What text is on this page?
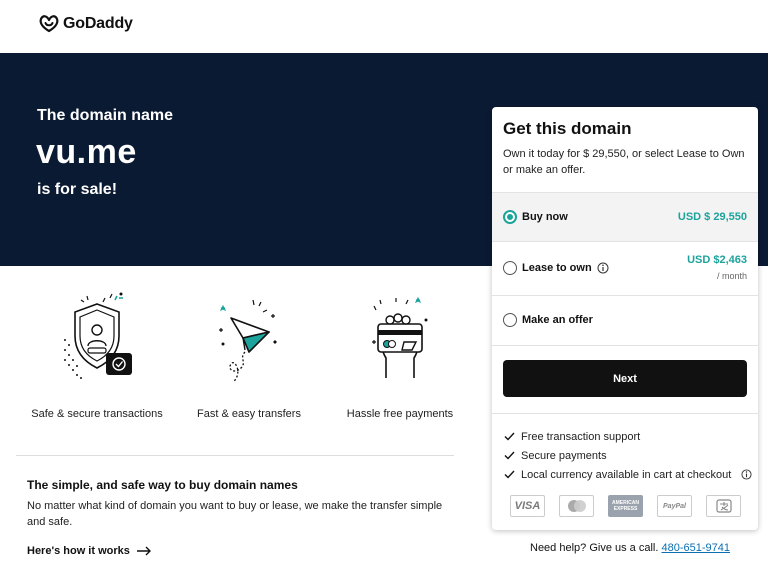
GoDaddy
The domain name
vu.me
is for sale!
Safe & secure transactions	Fast & easy transfers	Hassle free payments
The simple, and safe way to buy domain names
No matter what kind of domain you want to buy or lease, we make the transfer simple and safe.
Here's how it works
Get this domain
Own it today for $ 29,550, or select Lease to Own or make an offer.
Buy now	USD $ 29,550
Lease to own
USD $2,463
/ month
Make an offer
Next
Free transaction support
Secure payments
Local currency available in cart at checkout
VISA	AMERICAN EXPRESS	PayPal
Need help? Give us a call. 480-651-9741
